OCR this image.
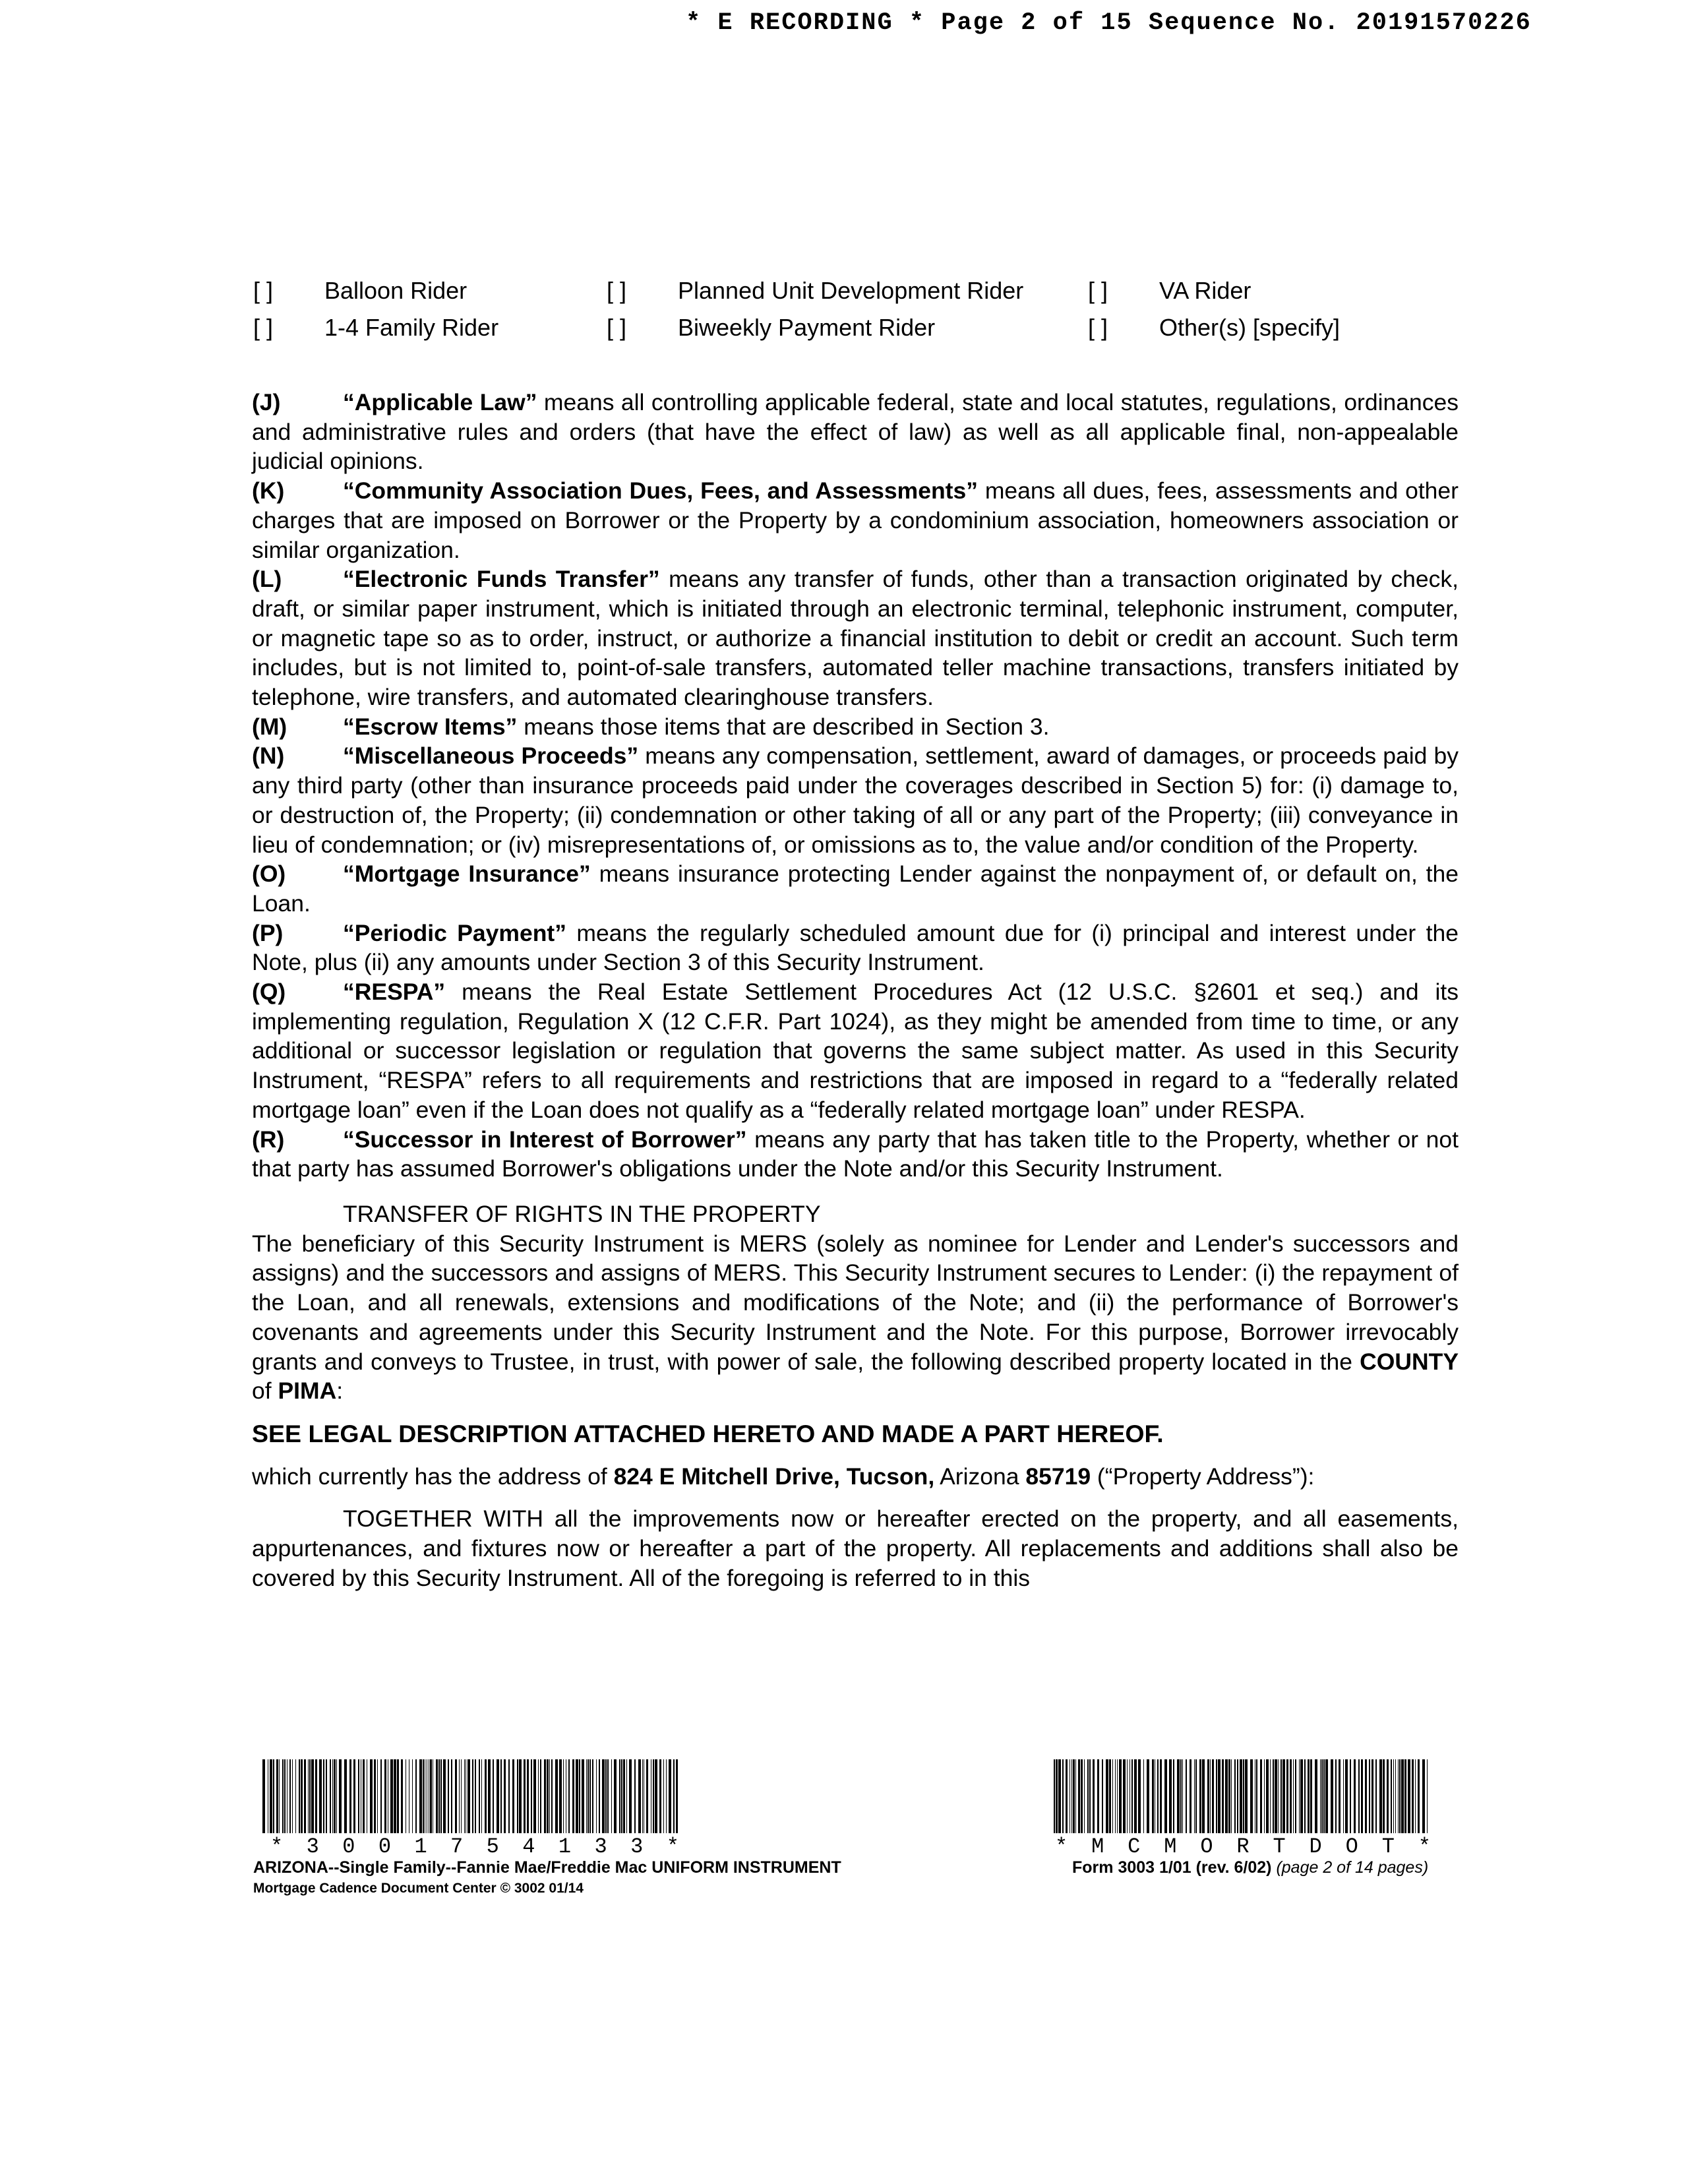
* E RECORDING * Page 2 of 15 Sequence No. 20191570226
[ ] Balloon Rider	[ ] Planned Unit Development Rider	[ ] VA Rider
[ ] 1-4 Family Rider	[ ] Biweekly Payment Rider	[ ] Other(s) [specify]

(J)	“Applicable Law” means all controlling applicable federal, state and local statutes, regulations, ordinances and administrative rules and orders (that have the effect of law) as well as all applicable final, non-appealable judicial opinions.

(K) “Community Association Dues, Fees, and Assessments” means all dues, fees, assessments and other charges that are imposed on Borrower or the Property by a condominium association, homeowners association or similar organization.

(L)	“Electronic Funds Transfer” means any transfer of funds, other than a transaction originated by check, draft, or similar paper instrument, which is initiated through an electronic terminal, telephonic instrument, computer, or magnetic tape so as to order, instruct, or authorize a financial institution to debit or credit an account. Such term includes, but is not limited to, point-of-sale transfers, automated teller machine transactions, transfers initiated by telephone, wire transfers, and automated clearinghouse transfers.

(M) “Escrow Items” means those items that are described in Section 3.

(N) “Miscellaneous Proceeds” means any compensation, settlement, award of damages, or proceeds paid by any third party (other than insurance proceeds paid under the coverages described in Section 5) for: (i) damage to, or destruction of, the Property; (ii) condemnation or other taking of all or any part of the Property; (iii) conveyance in lieu of condemnation; or (iv) misrepresentations of, or omissions as to, the value and/or condition of the Property.

(O) “Mortgage Insurance” means insurance protecting Lender against the nonpayment of, or default on, the Loan.

(P)	“Periodic Payment” means the regularly scheduled amount due for (i) principal and interest under the Note, plus (ii) any amounts under Section 3 of this Security Instrument.

(Q) “RESPA” means the Real Estate Settlement Procedures Act (12 U.S.C. §2601 et seq.) and its implementing regulation, Regulation X (12 C.F.R. Part 1024), as they might be amended from time to time, or any additional or successor legislation or regulation that governs the same subject matter. As used in this Security Instrument, “RESPA” refers to all requirements and restrictions that are imposed in regard to a “federally related mortgage loan” even if the Loan does not qualify as a “federally related mortgage loan” under RESPA.

(R) “Successor in Interest of Borrower” means any party that has taken title to the Property, whether or not that party has assumed Borrower's obligations under the Note and/or this Security Instrument.

TRANSFER OF RIGHTS IN THE PROPERTY

The beneficiary of this Security Instrument is MERS (solely as nominee for Lender and Lender's successors and assigns) and the successors and assigns of MERS. This Security Instrument secures to Lender: (i) the repayment of the Loan, and all renewals, extensions and modifications of the Note; and (ii) the performance of Borrower's covenants and agreements under this Security Instrument and the Note. For this purpose, Borrower irrevocably grants and conveys to Trustee, in trust, with power of sale, the following described property located in the COUNTY of PIMA:

SEE LEGAL DESCRIPTION ATTACHED HERETO AND MADE A PART HEREOF.

which currently has the address of 824 E Mitchell Drive, Tucson, Arizona 85719 (“Property Address”):

TOGETHER WITH all the improvements now or hereafter erected on the property, and all easements, appurtenances, and fixtures now or hereafter a part of the property. All replacements and additions shall also be covered by this Security Instrument. All of the foregoing is referred to in this

* 3 0 0 1 7 5 4 1 3 3 *	* M C M O R T D O T *
ARIZONA--Single Family--Fannie Mae/Freddie Mac UNIFORM INSTRUMENT
Mortgage Cadence Document Center © 3002 01/14
Form 3003 1/01 (rev. 6/02) (page 2 of 14 pages)
